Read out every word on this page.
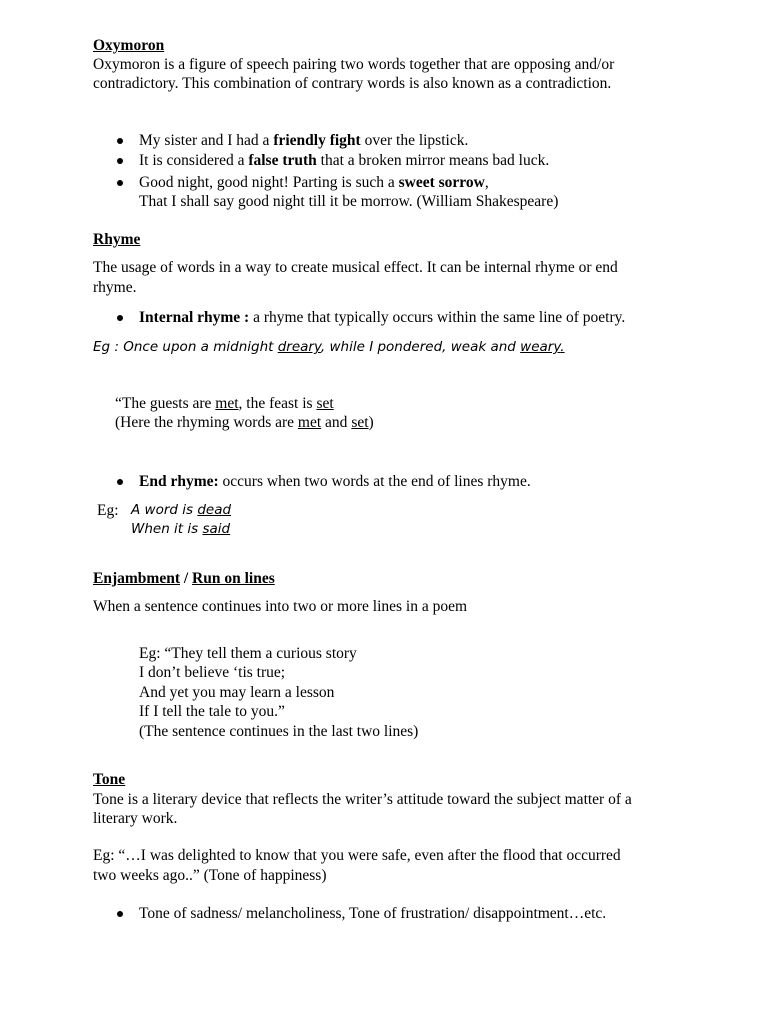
Oxymoron
Oxymoron is a figure of speech pairing two words together that are opposing and/or
contradictory. This combination of contrary words is also known as a contradiction.
My sister and I had a friendly fight over the lipstick.
It is considered a false truth that a broken mirror means bad luck.
Good night, good night! Parting is such a sweet sorrow,
That I shall say good night till it be morrow. (William Shakespeare)
Rhyme
The usage of words in a way to create musical effect. It can be internal rhyme or end
rhyme.
Internal rhyme : a rhyme that typically occurs within the same line of poetry.
Eg : Once upon a midnight dreary, while I pondered, weak and weary.
“The guests are met, the feast is set
(Here the rhyming words are met and set)
End rhyme: occurs when two words at the end of lines rhyme.
Eg: A word is dead
When it is said
Enjambment / Run on lines
When a sentence continues into two or more lines in a poem
Eg: “They tell them a curious story
I don’t believe ‘tis true;
And yet you may learn a lesson
If I tell the tale to you.”
(The sentence continues in the last two lines)
Tone
Tone is a literary device that reflects the writer’s attitude toward the subject matter of a
literary work.
Eg: “…I was delighted to know that you were safe, even after the flood that occurred
two weeks ago..” (Tone of happiness)
Tone of sadness/ melancholiness, Tone of frustration/ disappointment…etc.
